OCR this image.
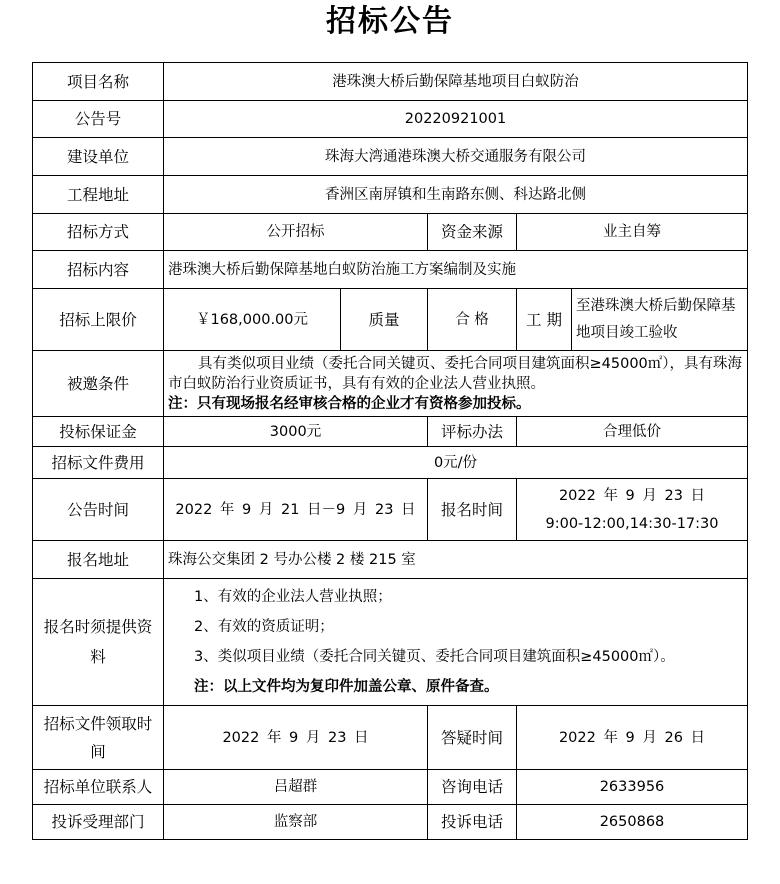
招标公告
项目名称	港珠澳大桥后勤保障基地项目白蚁防治				
公告号	20220921001				
建设单位	珠海大湾通港珠澳大桥交通服务有限公司				
工程地址	香洲区南屏镇和生南路东侧、科达路北侧				
招标方式	公开招标		资金来源	业主自筹	
招标内容	港珠澳大桥后勤保障基地白蚁防治施工方案编制及实施				
招标上限价	￥168,000.00元	质量	合 格	工 期	至港珠澳大桥后勤保障基地项目竣工验收
被邀条件	具有类似项目业绩（委托合同关键页、委托合同项目建筑面积≥45000㎡），具有珠海市白蚁防治行业资质证书，具有有效的企业法人营业执照。
注：只有现场报名经审核合格的企业才有资格参加投标。				

投标保证金	3000元		评标办法	合理低价	
招标文件费用	0元/份				
公告时间	2022 年 9 月 21 日－9 月 23 日		报名时间	2022 年 9 月 23 日
9:00-12:00,14:30-17:30	

报名地址	珠海公交集团 2 号办公楼 2 楼 215 室				
报名时须提供资料	1、有效的企业法人营业执照；
2、有效的资质证明；
3、类似项目业绩（委托合同关键页、委托合同项目建筑面积≥45000㎡）。
注：以上文件均为复印件加盖公章、原件备查。				

招标文件领取时间	2022 年 9 月 23 日		答疑时间	2022 年 9 月 26 日	
招标单位联系人	吕超群		咨询电话	2633956	
投诉受理部门	监察部		投诉电话	2650868	
